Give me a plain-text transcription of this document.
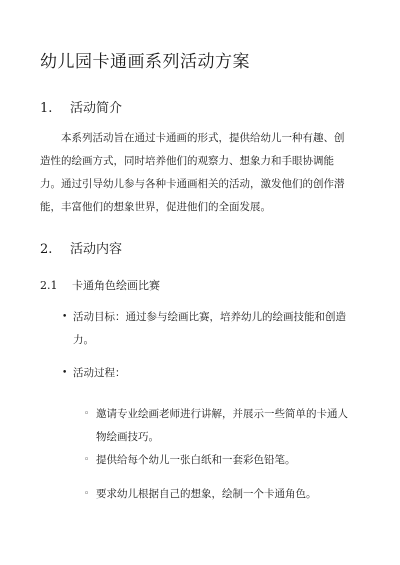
幼儿园卡通画系列活动方案
1. 活动简介

本系列活动旨在通过卡通画的形式，提供给幼儿一种有趣、创造性的绘画方式，同时培养他们的观察力、想象力和手眼协调能力。通过引导幼儿参与各种卡通画相关的活动，激发他们的创作潜能，丰富他们的想象世界，促进他们的全面发展。

2. 活动内容
2.1 卡通角色绘画比赛
• 活动目标：通过参与绘画比赛，培养幼儿的绘画技能和创造力。

• 活动过程：

◦ 邀请专业绘画老师进行讲解，并展示一些简单的卡通人物绘画技巧。

◦ 提供给每个幼儿一张白纸和一套彩色铅笔。

◦ 要求幼儿根据自己的想象，绘制一个卡通角色。
